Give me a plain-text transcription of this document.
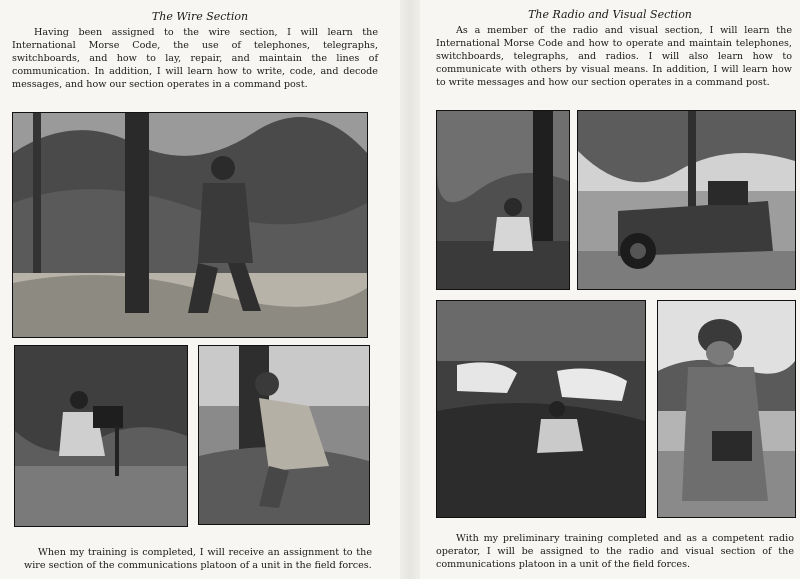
The Wire Section

Having been assigned to the wire section, I will learn the International Morse Code, the use of telephones, telegraphs, switchboards, and how to lay, repair, and maintain the lines of communication. In addition, I will learn how to write, code, and decode messages, and how our section operates in a command post.

When my training is completed, I will receive an assignment to the wire section of the communications platoon of a unit in the field forces.

The Radio and Visual Section

As a member of the radio and visual section, I will learn the International Morse Code and how to operate and maintain telephones, switchboards, telegraphs, and radios. I will also learn how to communicate with others by visual means. In addition, I will learn how to write messages and how our section operates in a command post.

With my preliminary training completed and as a competent radio operator, I will be assigned to the radio and visual section of the communications platoon in a unit of the field forces.
